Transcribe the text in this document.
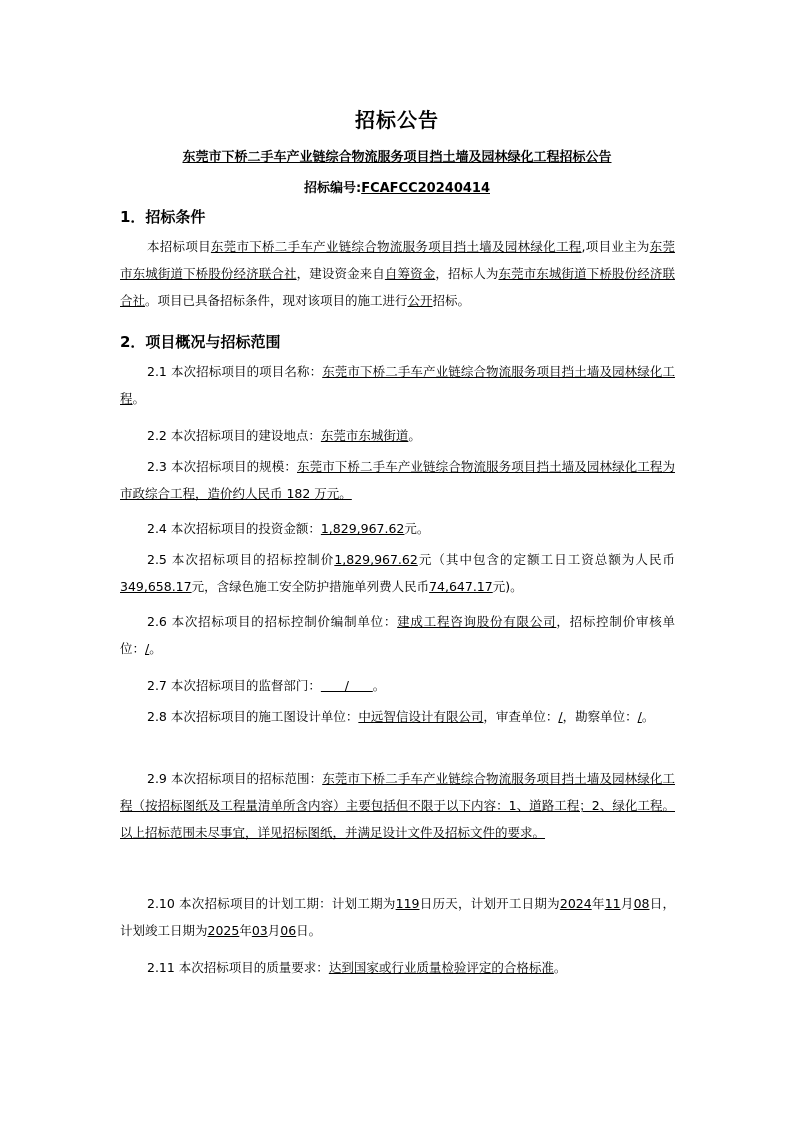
招标公告
东莞市下桥二手车产业链综合物流服务项目挡土墙及园林绿化工程招标公告
招标编号:FCAFCC20240414
1．招标条件
本招标项目东莞市下桥二手车产业链综合物流服务项目挡土墙及园林绿化工程,项目业主为东莞市东城街道下桥股份经济联合社，建设资金来自自筹资金，招标人为东莞市东城街道下桥股份经济联合社。项目已具备招标条件，现对该项目的施工进行公开招标。
2．项目概况与招标范围
2.1 本次招标项目的项目名称：东莞市下桥二手车产业链综合物流服务项目挡土墙及园林绿化工程。
2.2 本次招标项目的建设地点：东莞市东城街道。
2.3 本次招标项目的规模：东莞市下桥二手车产业链综合物流服务项目挡土墙及园林绿化工程为市政综合工程，造价约人民币 182 万元。
2.4 本次招标项目的投资金额：1,829,967.62元。
2.5 本次招标项目的招标控制价1,829,967.62元（其中包含的定额工日工资总额为人民币349,658.17元，含绿色施工安全防护措施单列费人民币74,647.17元)。
2.6 本次招标项目的招标控制价编制单位：建成工程咨询股份有限公司，招标控制价审核单位：/。
2.7 本次招标项目的监督部门：      /      。
2.8 本次招标项目的施工图设计单位：中远智信设计有限公司，审查单位：/，勘察单位：/。
2.9 本次招标项目的招标范围：东莞市下桥二手车产业链综合物流服务项目挡土墙及园林绿化工程（按招标图纸及工程量清单所含内容）主要包括但不限于以下内容：1、道路工程；2、绿化工程。以上招标范围未尽事宜，详见招标图纸，并满足设计文件及招标文件的要求。
2.10 本次招标项目的计划工期：计划工期为119日历天，计划开工日期为2024年11月08日，计划竣工日期为2025年03月06日。
2.11 本次招标项目的质量要求：达到国家或行业质量检验评定的合格标准。
